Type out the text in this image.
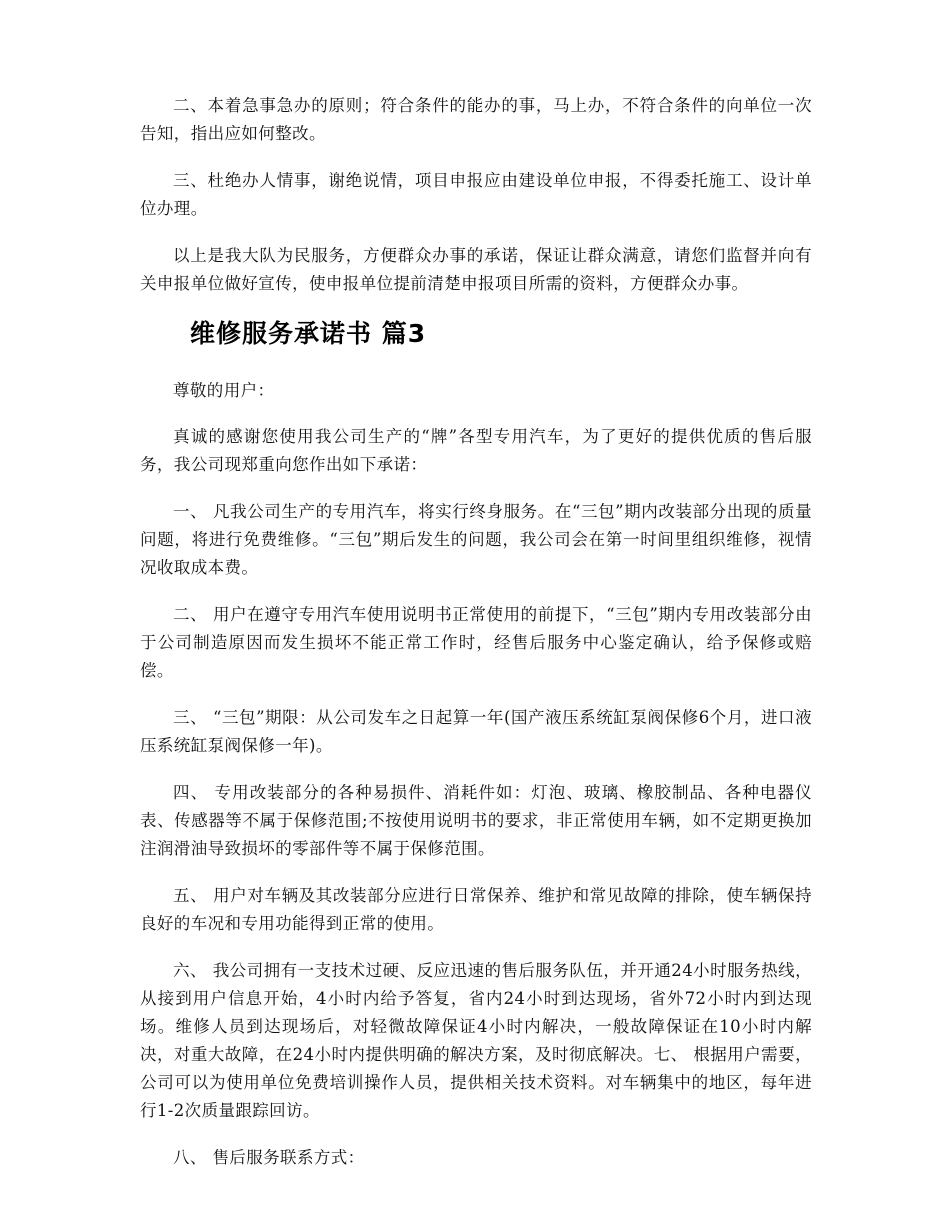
二、本着急事急办的原则；符合条件的能办的事，马上办，不符合条件的向单位一次告知，指出应如何整改。

三、杜绝办人情事，谢绝说情，项目申报应由建设单位申报，不得委托施工、设计单位办理。

以上是我大队为民服务，方便群众办事的承诺，保证让群众满意，请您们监督并向有关申报单位做好宣传，使申报单位提前清楚申报项目所需的资料，方便群众办事。

维修服务承诺书 篇3

尊敬的用户：

真诚的感谢您使用我公司生产的“牌”各型专用汽车，为了更好的提供优质的售后服务，我公司现郑重向您作出如下承诺：

一、 凡我公司生产的专用汽车，将实行终身服务。在“三包”期内改装部分出现的质量问题，将进行免费维修。“三包”期后发生的问题，我公司会在第一时间里组织维修，视情况收取成本费。

二、 用户在遵守专用汽车使用说明书正常使用的前提下，“三包”期内专用改装部分由于公司制造原因而发生损坏不能正常工作时，经售后服务中心鉴定确认，给予保修或赔偿。

三、 “三包”期限：从公司发车之日起算一年(国产液压系统缸泵阀保修6个月，进口液压系统缸泵阀保修一年)。

四、 专用改装部分的各种易损件、消耗件如：灯泡、玻璃、橡胶制品、各种电器仪表、传感器等不属于保修范围;不按使用说明书的要求，非正常使用车辆，如不定期更换加注润滑油导致损坏的零部件等不属于保修范围。

五、 用户对车辆及其改装部分应进行日常保养、维护和常见故障的排除，使车辆保持良好的车况和专用功能得到正常的使用。

六、 我公司拥有一支技术过硬、反应迅速的售后服务队伍，并开通24小时服务热线，从接到用户信息开始，4小时内给予答复，省内24小时到达现场，省外72小时内到达现场。维修人员到达现场后，对轻微故障保证4小时内解决，一般故障保证在10小时内解决，对重大故障，在24小时内提供明确的解决方案，及时彻底解决。七、 根据用户需要，公司可以为使用单位免费培训操作人员，提供相关技术资料。对车辆集中的地区，每年进行1-2次质量跟踪回访。

八、 售后服务联系方式：
